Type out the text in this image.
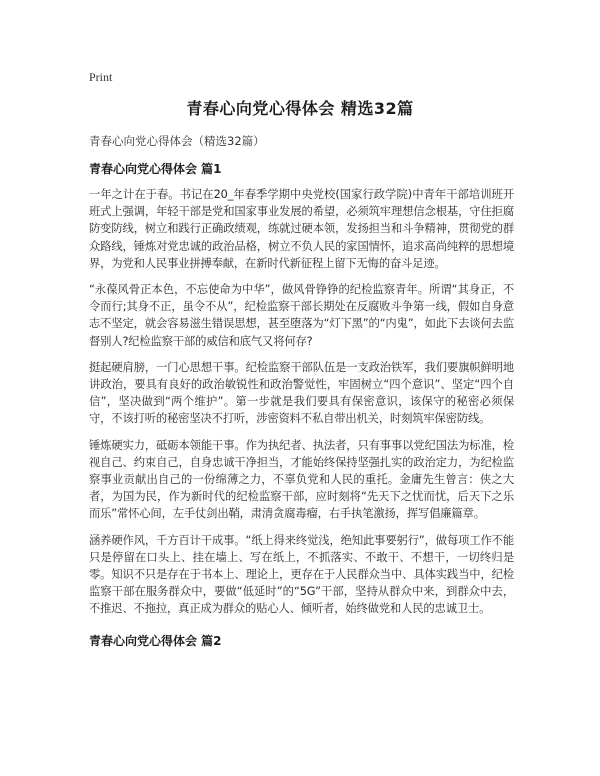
Print
青春心向党心得体会 精选32篇

青春心向党心得体会（精选32篇）

青春心向党心得体会 篇1

一年之计在于春。书记在20_年春季学期中央党校(国家行政学院)中青年干部培训班开班式上强调，年轻干部是党和国家事业发展的希望，必须筑牢理想信念根基，守住拒腐防变防线，树立和践行正确政绩观，练就过硬本领，发扬担当和斗争精神，贯彻党的群众路线，锤炼对党忠诚的政治品格，树立不负人民的家国情怀，追求高尚纯粹的思想境界，为党和人民事业拼搏奉献，在新时代新征程上留下无悔的奋斗足迹。

“永葆风骨正本色，不忘使命为中华”，做风骨铮铮的纪检监察青年。所谓“其身正，不令而行;其身不正，虽令不从”，纪检监察干部长期处在反腐败斗争第一线，假如自身意志不坚定，就会容易滋生错误思想，甚至堕落为“灯下黑”的“内鬼”，如此下去谈何去监督别人?纪检监察干部的威信和底气又将何存?

挺起硬肩膀，一门心思想干事。纪检监察干部队伍是一支政治铁军，我们要旗帜鲜明地讲政治，要具有良好的政治敏锐性和政治警觉性，牢固树立“四个意识”、坚定“四个自信”，坚决做到“两个维护”。第一步就是我们要具有保密意识，该保守的秘密必须保守，不该打听的秘密坚决不打听，涉密资料不私自带出机关，时刻筑牢保密防线。

锤炼硬实力，砥砺本领能干事。作为执纪者、执法者，只有事事以党纪国法为标准，检视自己、约束自己，自身忠诚干净担当，才能始终保持坚强扎实的政治定力，为纪检监察事业贡献出自己的一份绵薄之力，不辜负党和人民的重托。金庸先生曾言：侠之大者，为国为民，作为新时代的纪检监察干部，应时刻将“先天下之忧而忧，后天下之乐而乐”常怀心间，左手仗剑出鞘，肃清贪腐毒瘤，右手执笔激扬，挥写倡廉篇章。

涵养硬作风，千方百计干成事。“纸上得来终觉浅，绝知此事要躬行”，做每项工作不能只是停留在口头上、挂在墙上、写在纸上，不抓落实、不敢干、不想干，一切终归是零。知识不只是存在于书本上、理论上，更存在于人民群众当中、具体实践当中，纪检监察干部在服务群众中，要做“低延时”的“5G”干部，坚持从群众中来，到群众中去，不推迟、不拖拉，真正成为群众的贴心人、倾听者，始终做党和人民的忠诚卫士。

青春心向党心得体会 篇2
